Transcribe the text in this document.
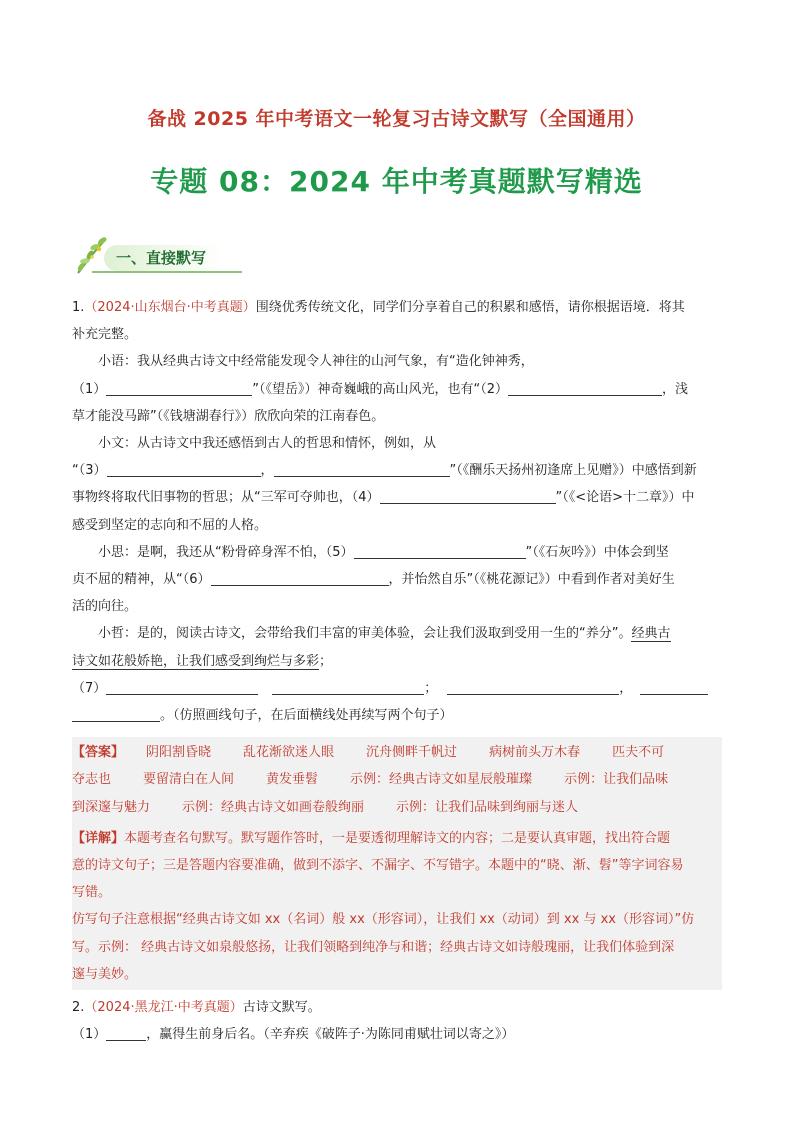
备战 2025 年中考语文一轮复习古诗文默写（全国通用）
专题 08：2024 年中考真题默写精选
一、直接默写

1.（2024·山东烟台·中考真题）围绕优秀传统文化，同学们分享着自己的积累和感悟，请你根据语境．将其

补充完整。

小语：我从经典古诗文中经常能发现令人神往的山河气象，有“造化钟神秀，

（1）	”（《望岳》）神奇巍峨的高山风光，也有“（2）	，浅

草才能没马蹄”（《钱塘湖春行》）欣欣向荣的江南春色。

小文：从古诗文中我还感悟到古人的哲思和情怀，例如，从

“（3）	，	”（《酬乐天扬州初逢席上见赠》）中感悟到新

事物终将取代旧事物的哲思；从“三军可夺帅也，（4）	”（《<论语>十二章》）中

感受到坚定的志向和不屈的人格。

小思：是啊，我还从“粉骨碎身浑不怕，（5）	”（《石灰吟》）中体会到坚

贞不屈的精神，从“（6）	，并怡然自乐”（《桃花源记》）中看到作者对美好生

活的向往。

小哲：是的，阅读古诗文，会带给我们丰富的审美体验，会让我们汲取到受用一生的“养分”。经典古

诗文如花般娇艳，让我们感受到绚烂与多彩；

（7）	；	，

。（仿照画线句子，在后面横线处再续写两个句子）

【答案】 阴阳割昏晓 乱花渐欲迷人眼 沉舟侧畔千帆过 病树前头万木春 匹夫不可

夺志也 要留清白在人间 黄发垂髫 示例：经典古诗文如星辰般璀璨 示例：让我们品味

到深邃与魅力 示例：经典古诗文如画卷般绚丽 示例：让我们品味到绚丽与迷人

【详解】本题考查名句默写。默写题作答时，一是要透彻理解诗文的内容；二是要认真审题，找出符合题

意的诗文句子；三是答题内容要准确，做到不添字、不漏字、不写错字。本题中的“晓、渐、髫”等字词容易

写错。

仿写句子注意根据“经典古诗文如 xx（名词）般 xx（形容词），让我们 xx（动词）到 xx 与 xx（形容词）”仿

写。示例： 经典古诗文如泉般悠扬，让我们领略到纯净与和谐；经典古诗文如诗般瑰丽，让我们体验到深

邃与美妙。

2.（2024·黑龙江·中考真题）古诗文默写。

（1）	，赢得生前身后名。（辛弃疾《破阵子·为陈同甫赋壮词以寄之》）
